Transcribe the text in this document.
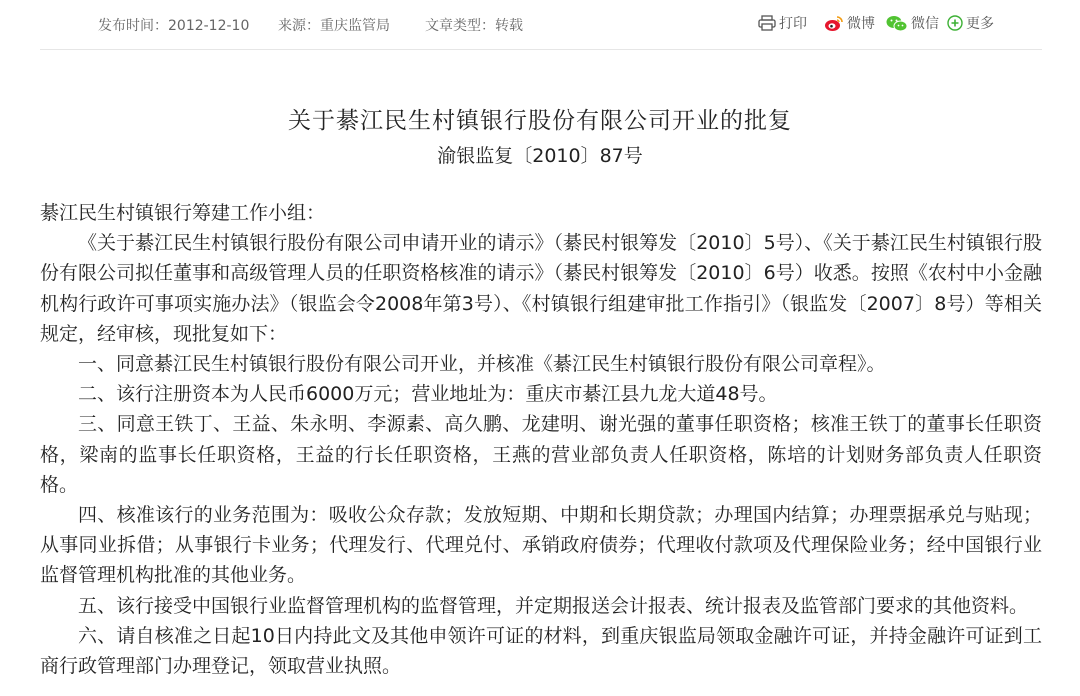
发布时间：2012-12-10 来源：重庆监管局	文章类型：转载	打印	微博	微信 更多
关于綦江民生村镇银行股份有限公司开业的批复
渝银监复〔2010〕87号

綦江民生村镇银行筹建工作小组：

《关于綦江民生村镇银行股份有限公司申请开业的请示》（綦民村银筹发〔2010〕5号）、《关于綦江民生村镇银行股份有限公司拟任董事和高级管理人员的任职资格核准的请示》（綦民村银筹发〔2010〕6号）收悉。按照《农村中小金融机构行政许可事项实施办法》（银监会令2008年第3号）、《村镇银行组建审批工作指引》（银监发〔2007〕8号）等相关规定，经审核，现批复如下：

一、同意綦江民生村镇银行股份有限公司开业，并核准《綦江民生村镇银行股份有限公司章程》。

二、该行注册资本为人民币6000万元；营业地址为：重庆市綦江县九龙大道48号。

三、同意王铁丁、王益、朱永明、李源素、高久鹏、龙建明、谢光强的董事任职资格；核准王铁丁的董事长任职资格，梁南的监事长任职资格，王益的行长任职资格，王燕的营业部负责人任职资格，陈培的计划财务部负责人任职资格。

四、核准该行的业务范围为：吸收公众存款；发放短期、中期和长期贷款；办理国内结算；办理票据承兑与贴现；从事同业拆借；从事银行卡业务；代理发行、代理兑付、承销政府债券；代理收付款项及代理保险业务；经中国银行业监督管理机构批准的其他业务。

五、该行接受中国银行业监督管理机构的监督管理，并定期报送会计报表、统计报表及监管部门要求的其他资料。

六、请自核准之日起10日内持此文及其他申领许可证的材料，到重庆银监局领取金融许可证，并持金融许可证到工商行政管理部门办理登记，领取营业执照。
